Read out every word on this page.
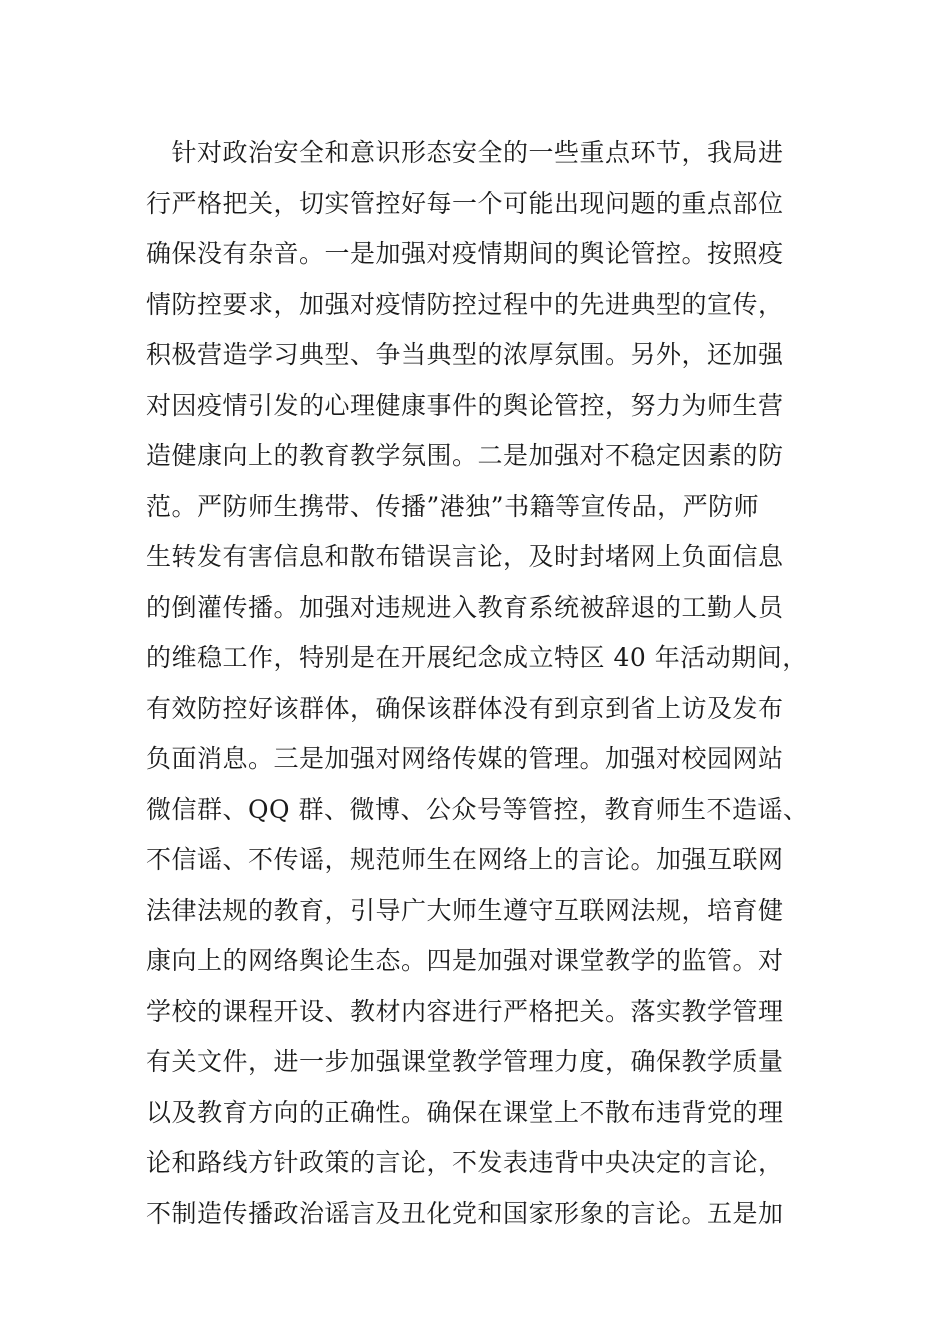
　针对政治安全和意识形态安全的一些重点环节，我局进
行严格把关，切实管控好每一个可能出现问题的重点部位
确保没有杂音。一是加强对疫情期间的舆论管控。按照疫
情防控要求，加强对疫情防控过程中的先进典型的宣传，
积极营造学习典型、争当典型的浓厚氛围。另外，还加强
对因疫情引发的心理健康事件的舆论管控，努力为师生营
造健康向上的教育教学氛围。二是加强对不稳定因素的防
范。严防师生携带、传播”港独”书籍等宣传品，严防师
生转发有害信息和散布错误言论，及时封堵网上负面信息
的倒灌传播。加强对违规进入教育系统被辞退的工勤人员
的维稳工作，特别是在开展纪念成立特区 40 年活动期间，
有效防控好该群体，确保该群体没有到京到省上访及发布
负面消息。三是加强对网络传媒的管理。加强对校园网站
微信群、QQ 群、微博、公众号等管控，教育师生不造谣、
不信谣、不传谣，规范师生在网络上的言论。加强互联网
法律法规的教育，引导广大师生遵守互联网法规，培育健
康向上的网络舆论生态。四是加强对课堂教学的监管。对
学校的课程开设、教材内容进行严格把关。落实教学管理
有关文件，进一步加强课堂教学管理力度，确保教学质量
以及教育方向的正确性。确保在课堂上不散布违背党的理
论和路线方针政策的言论，不发表违背中央决定的言论，
不制造传播政治谣言及丑化党和国家形象的言论。五是加
